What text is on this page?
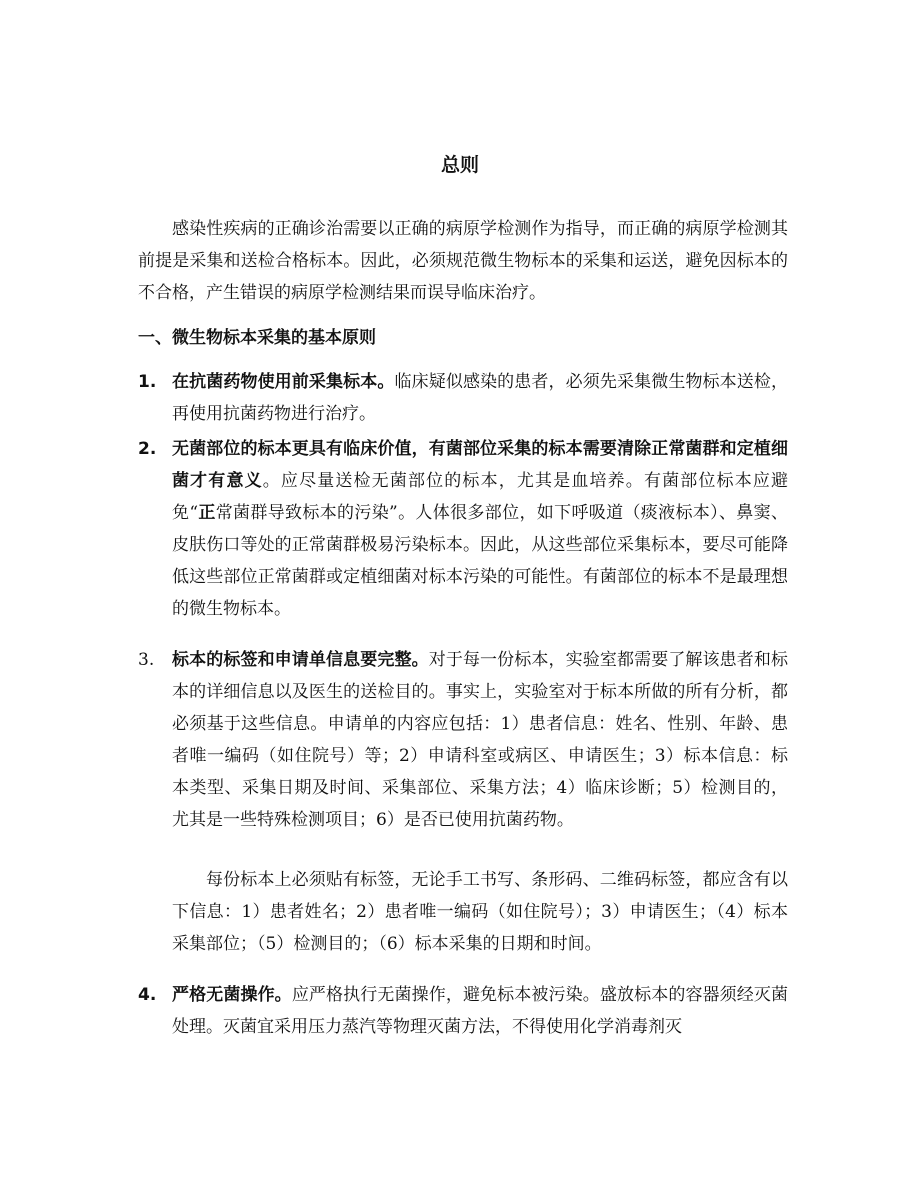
总则

感染性疾病的正确诊治需要以正确的病原学检测作为指导，而正确的病原学检测其前提是采集和送检合格标本。因此，必须规范微生物标本的采集和运送，避免因标本的不合格，产生错误的病原学检测结果而误导临床治疗。

一、微生物标本采集的基本原则
1. 在抗菌药物使用前采集标本。临床疑似感染的患者，必须先采集微生物标本送检，再使用抗菌药物进行治疗。
2. 无菌部位的标本更具有临床价值，有菌部位采集的标本需要清除正常菌群和定植细菌才有意义。应尽量送检无菌部位的标本，尤其是血培养。有菌部位标本应避免“正常菌群导致标本的污染”。人体很多部位，如下呼吸道（痰液标本）、鼻窦、皮肤伤口等处的正常菌群极易污染标本。因此，从这些部位采集标本，要尽可能降低这些部位正常菌群或定植细菌对标本污染的可能性。有菌部位的标本不是最理想的微生物标本。
3.	标本的标签和申请单信息要完整。对于每一份标本，实验室都需要了解该患者和标本的详细信息以及医生的送检目的。事实上，实验室对于标本所做的所有分析，都必须基于这些信息。申请单的内容应包括：1）患者信息：姓名、性别、年龄、患者唯一编码（如住院号）等；2）申请科室或病区、申请医生；3）标本信息：标本类型、采集日期及时间、采集部位、采集方法；4）临床诊断；5）检测目的，尤其是一些特殊检测项目；6）是否已使用抗菌药物。

每份标本上必须贴有标签，无论手工书写、条形码、二维码标签，都应含有以下信息：1）患者姓名；2）患者唯一编码（如住院号）；3）申请医生；（4）标本采集部位；（5）检测目的；（6）标本采集的日期和时间。

4. 严格无菌操作。应严格执行无菌操作，避免标本被污染。盛放标本的容器须经灭菌处理。灭菌宜采用压力蒸汽等物理灭菌方法，不得使用化学消毒剂灭
